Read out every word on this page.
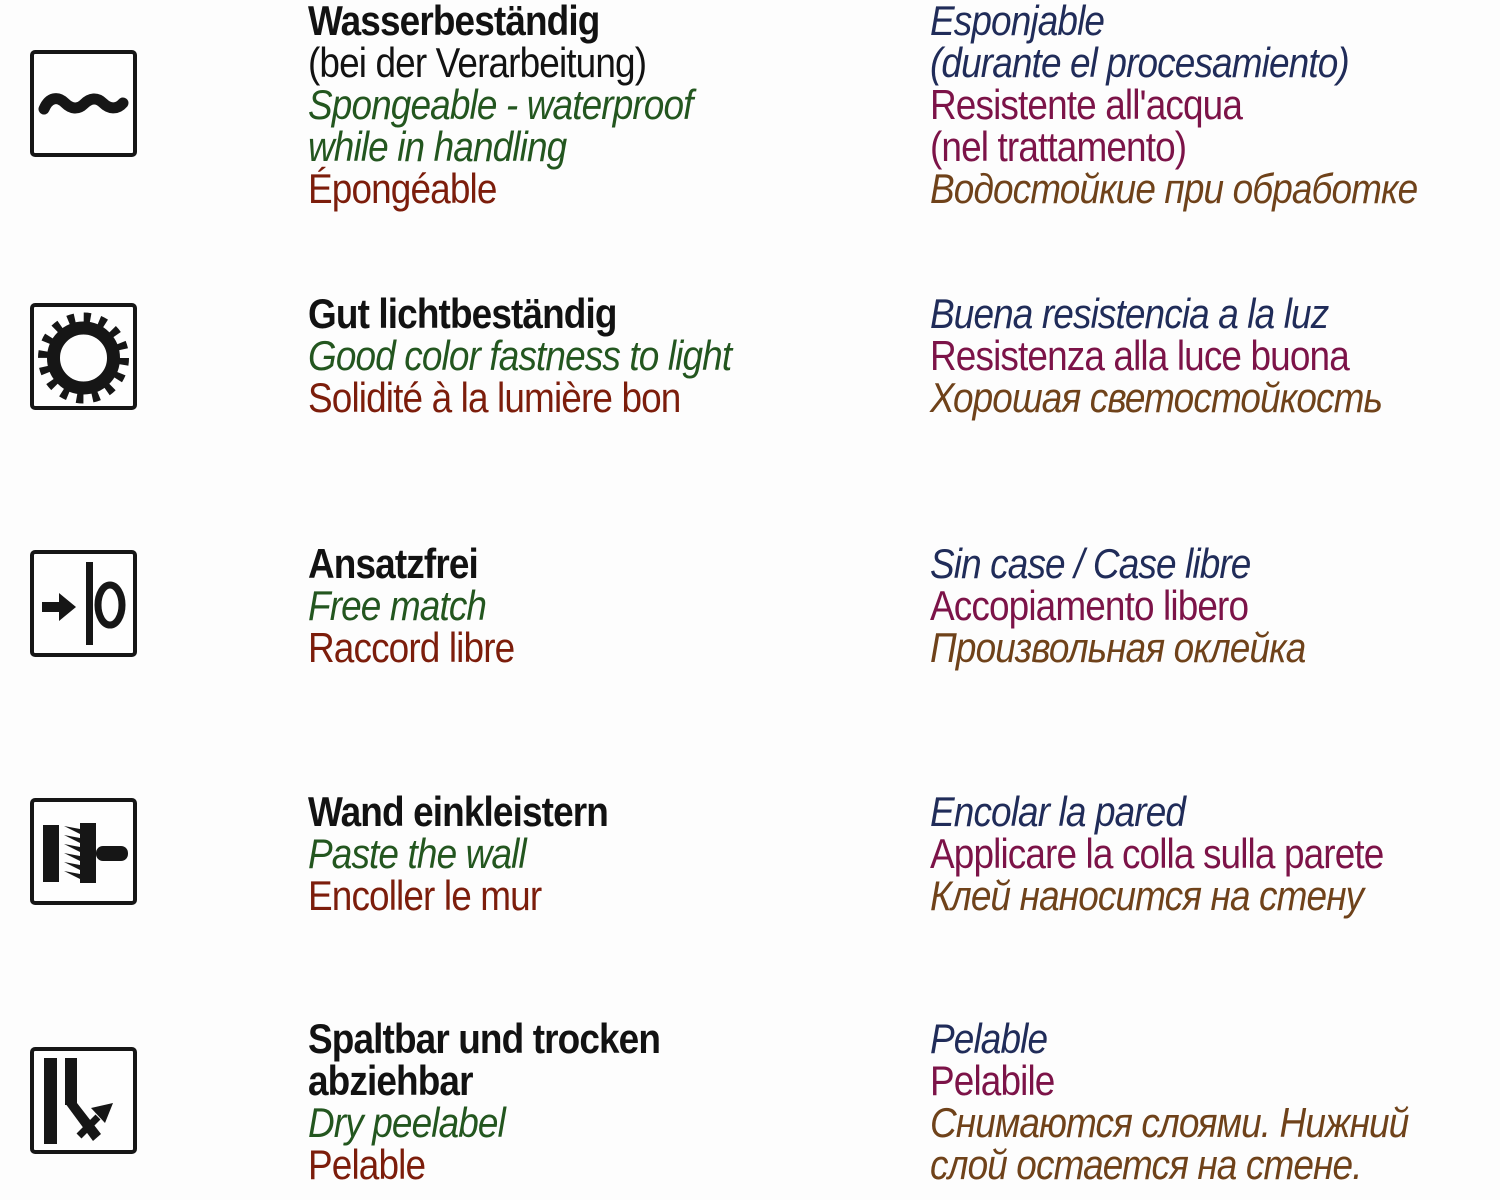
Wasserbeständig
(bei der Verarbeitung)
Spongeable - waterproof
while in handling
Épongéable
Esponjable
(durante el procesamiento)
Resistente all'acqua
(nel trattamento)
Водостойкие при обработке
Gut lichtbeständig
Good color fastness to light
Solidité à la lumière bon
Buena resistencia a la luz
Resistenza alla luce buona
Хорошая светостойкость
Ansatzfrei
Free match
Raccord libre
Sin case / Case libre
Accopiamento libero
Произвольная оклейка
Wand einkleistern
Paste the wall
Encoller le mur
Encolar la pared
Applicare la colla sulla parete
Клей наносится на стену
Spaltbar und trocken
abziehbar
Dry peelabel
Pelable
Pelable
Pelabile
Снимаются слоями. Нижний
слой остается на стене.
